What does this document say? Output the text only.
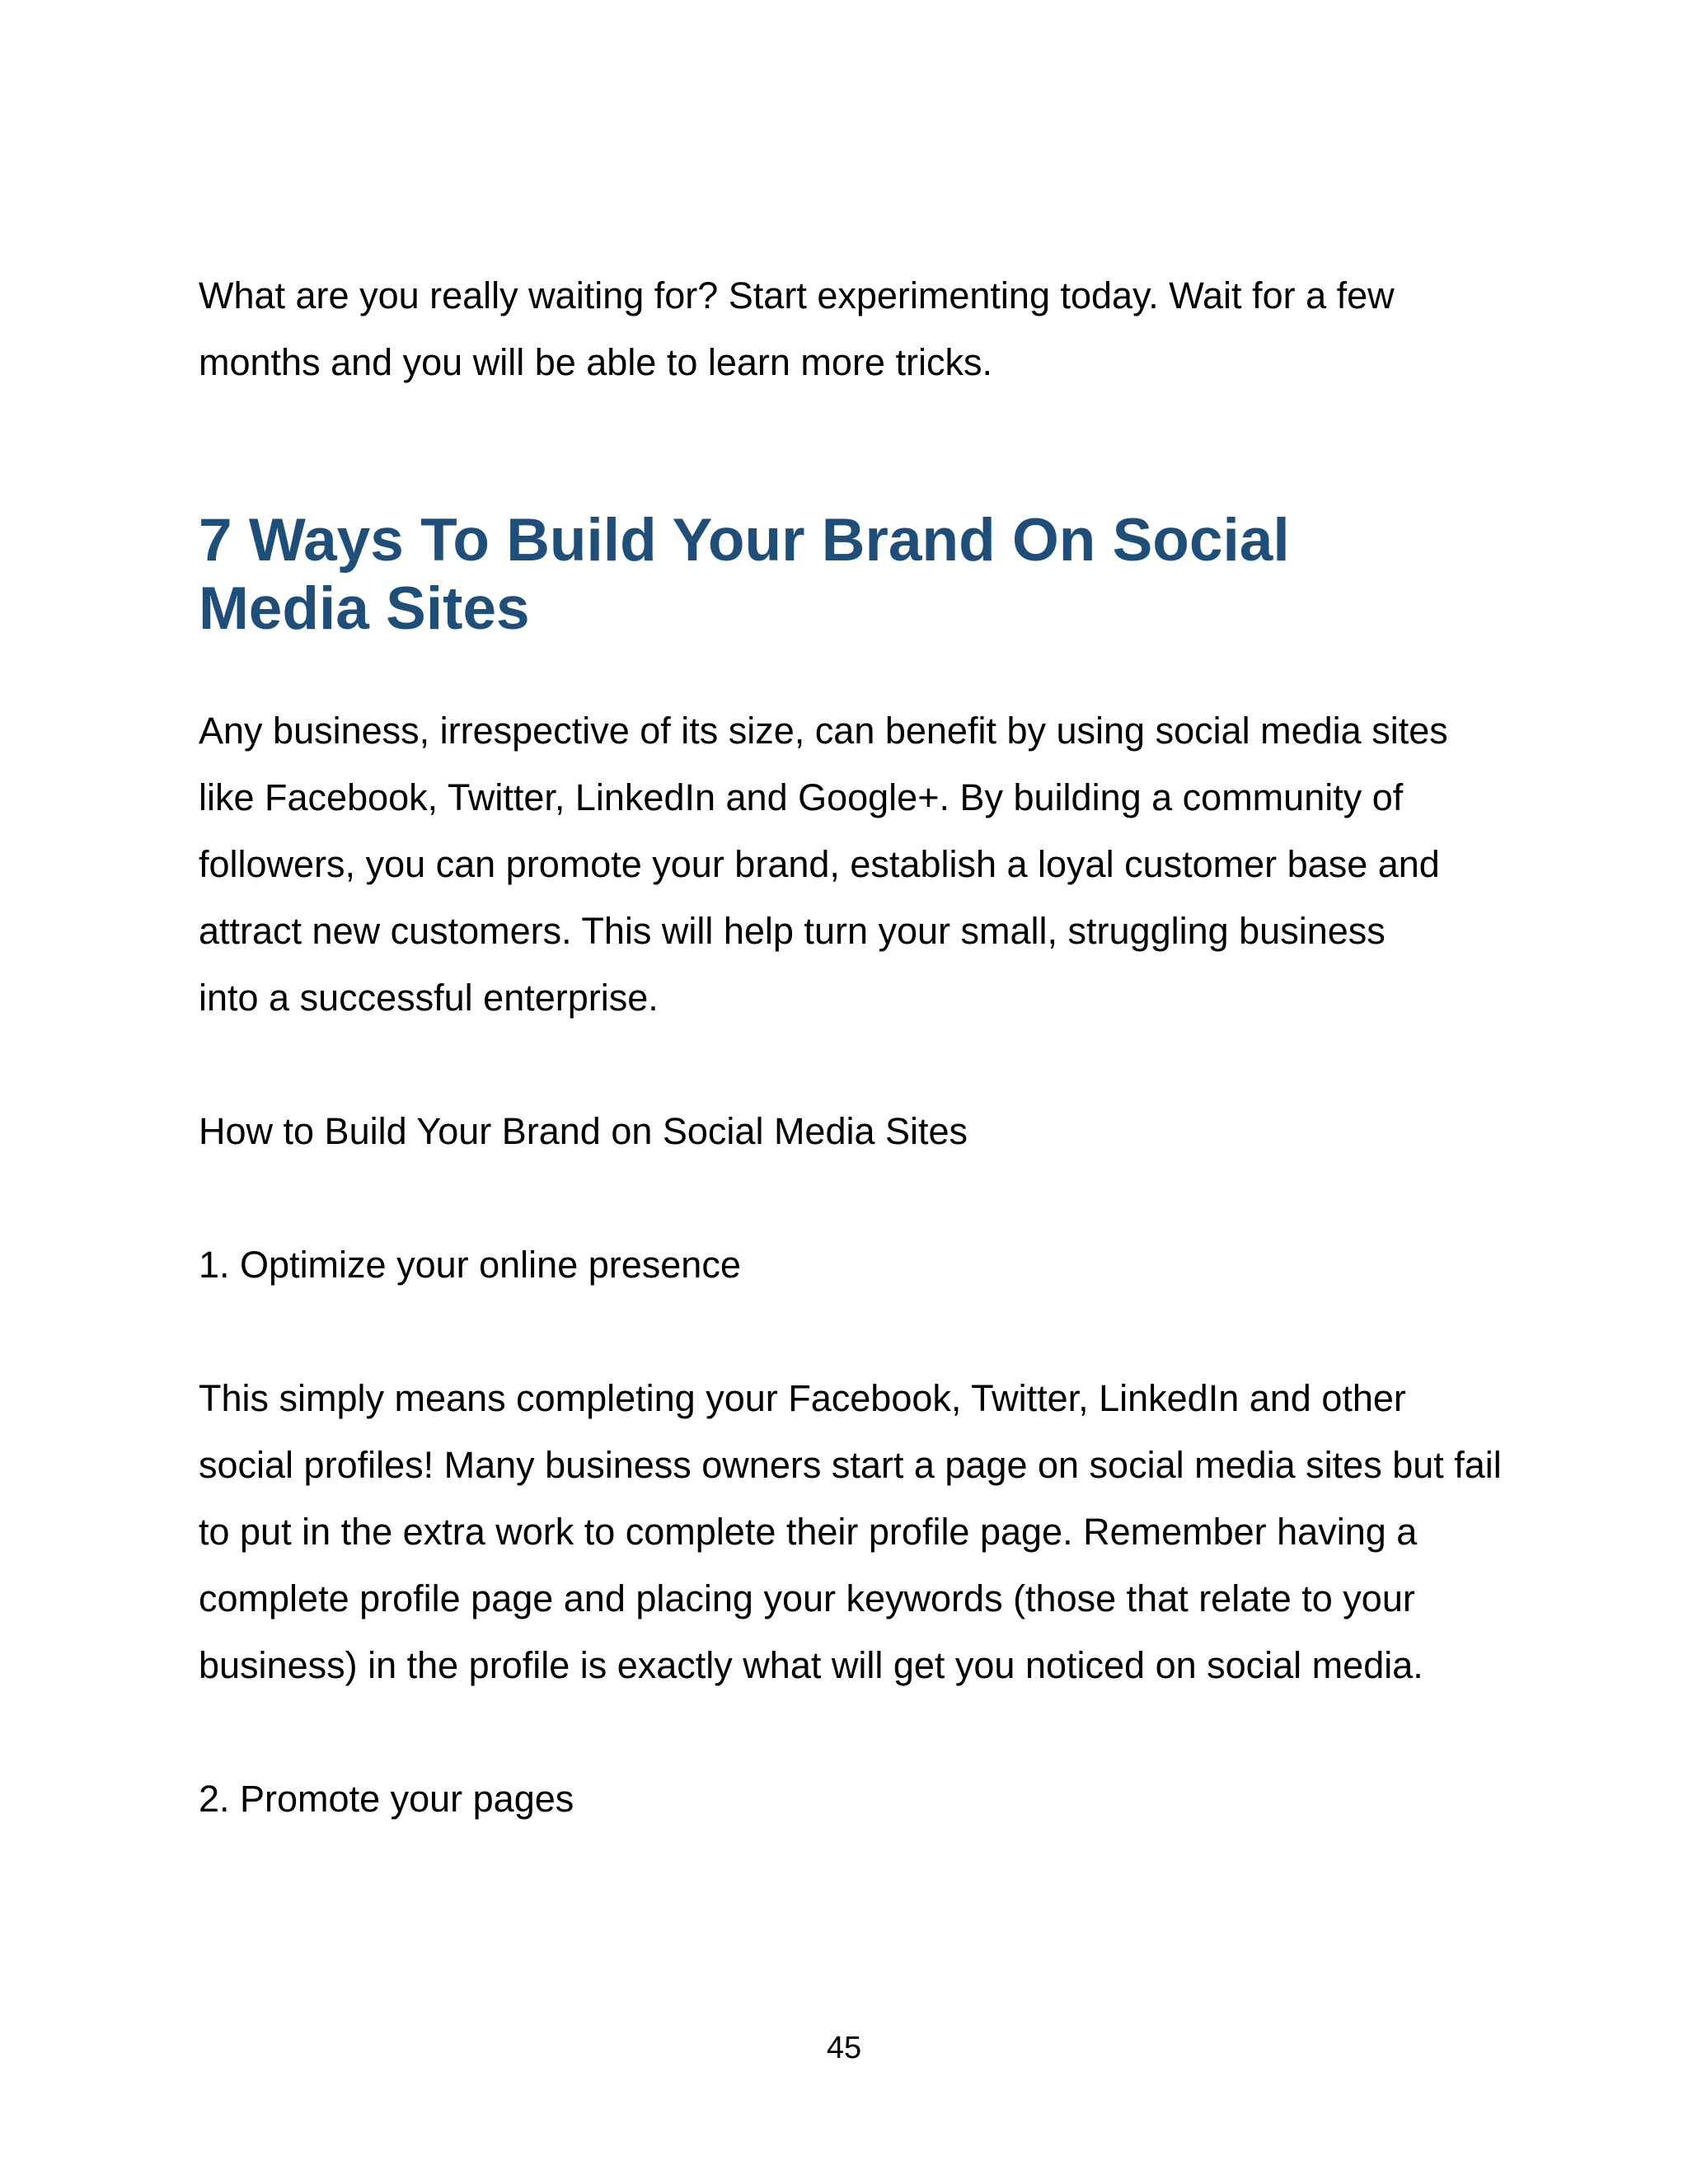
What are you really waiting for? Start experimenting today. Wait for a few months and you will be able to learn more tricks.

7 Ways To Build Your Brand On Social
Media Sites

Any business, irrespective of its size, can benefit by using social media sites like Facebook, Twitter, LinkedIn and Google+. By building a community of followers, you can promote your brand, establish a loyal customer base and attract new customers. This will help turn your small, struggling business into a successful enterprise.

How to Build Your Brand on Social Media Sites

1. Optimize your online presence

This simply means completing your Facebook, Twitter, LinkedIn and other social profiles! Many business owners start a page on social media sites but fail to put in the extra work to complete their profile page. Remember having a complete profile page and placing your keywords (those that relate to your business) in the profile is exactly what will get you noticed on social media.

2. Promote your pages

45
